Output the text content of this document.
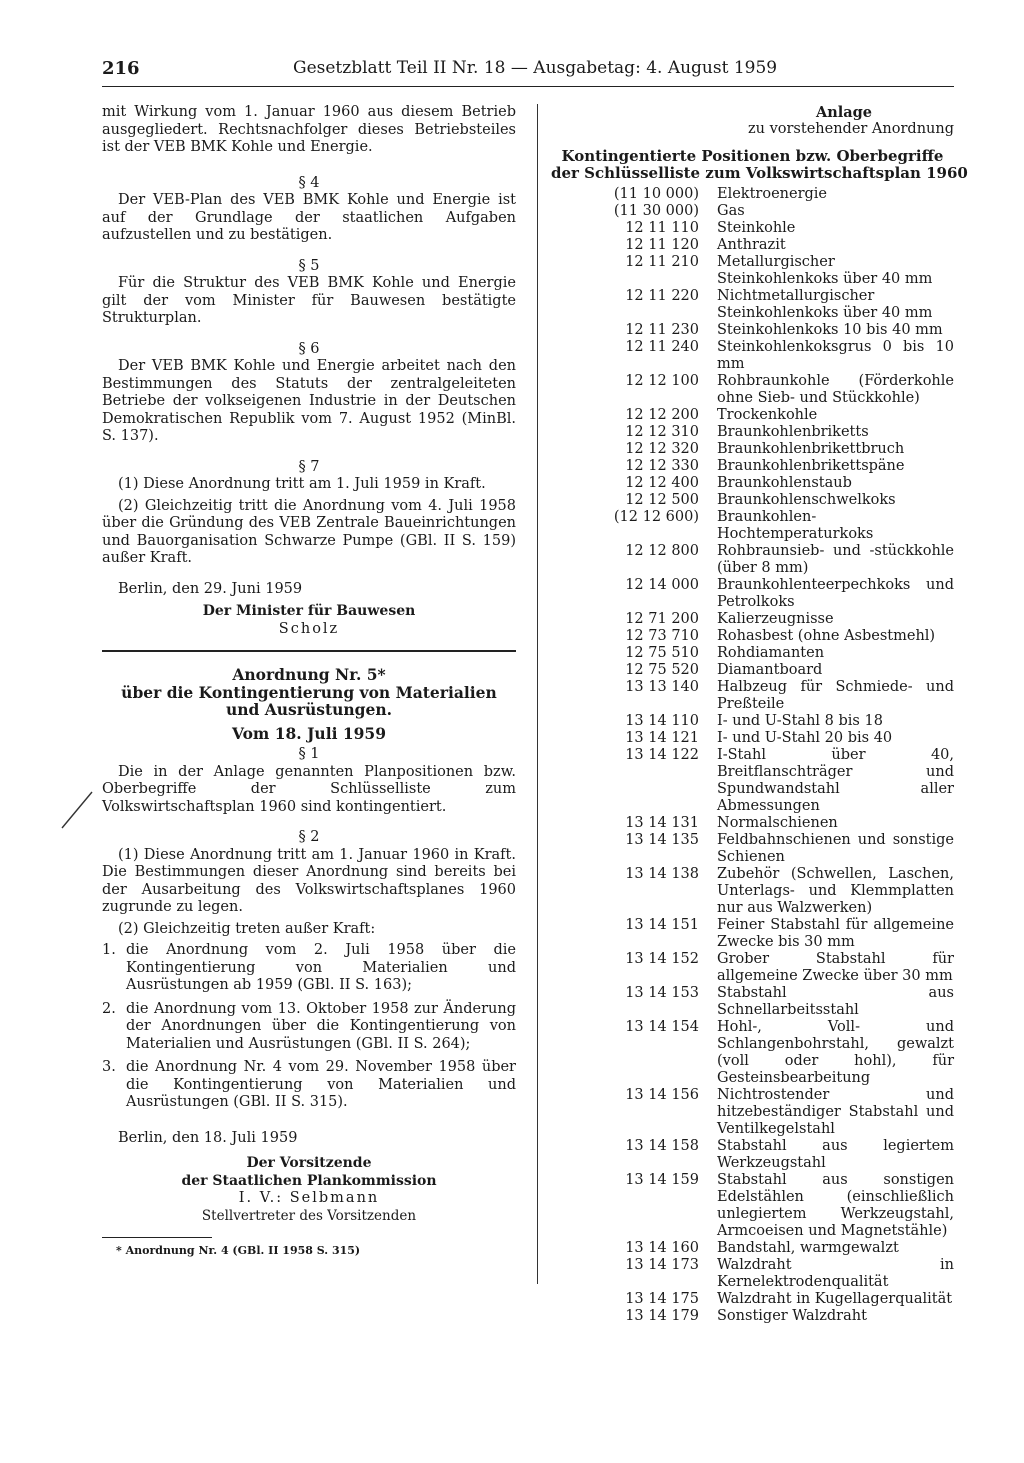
216	Gesetzblatt Teil II Nr. 18 — Ausgabetag: 4. August 1959

mit Wirkung vom 1. Januar 1960 aus diesem Betrieb ausgegliedert. Rechtsnachfolger dieses Betriebsteiles ist der VEB BMK Kohle und Energie.

§ 4

Der VEB-Plan des VEB BMK Kohle und Energie ist auf der Grundlage der staatlichen Aufgaben aufzustellen und zu bestätigen.

§ 5

Für die Struktur des VEB BMK Kohle und Energie gilt der vom Minister für Bauwesen bestätigte Strukturplan.

§ 6

Der VEB BMK Kohle und Energie arbeitet nach den Bestimmungen des Statuts der zentralgeleiteten Betriebe der volkseigenen Industrie in der Deutschen Demokratischen Republik vom 7. August 1952 (MinBl. S. 137).

§ 7

(1) Diese Anordnung tritt am 1. Juli 1959 in Kraft.

(2) Gleichzeitig tritt die Anordnung vom 4. Juli 1958 über die Gründung des VEB Zentrale Baueinrichtungen und Bauorganisation Schwarze Pumpe (GBl. II S. 159) außer Kraft.

Berlin, den 29. Juni 1959

Der Minister für Bauwesen

Scholz

Anordnung Nr. 5*

über die Kontingentierung von Materialien

und Ausrüstungen.

Vom 18. Juli 1959

§ 1

Die in der Anlage genannten Planpositionen bzw. Oberbegriffe der Schlüsselliste zum Volkswirtschaftsplan 1960 sind kontingentiert.

§ 2

(1) Diese Anordnung tritt am 1. Januar 1960 in Kraft. Die Bestimmungen dieser Anordnung sind bereits bei der Ausarbeitung des Volkswirtschaftsplanes 1960 zugrunde zu legen.

(2) Gleichzeitig treten außer Kraft:

1. die Anordnung vom 2. Juli 1958 über die Kontingentierung von Materialien und Ausrüstungen ab 1959 (GBl. II S. 163);
2. die Anordnung vom 13. Oktober 1958 zur Änderung der Anordnungen über die Kontingentierung von Materialien und Ausrüstungen (GBl. II S. 264);
3. die Anordnung Nr. 4 vom 29. November 1958 über die Kontingentierung von Materialien und Ausrüstungen (GBl. II S. 315).

Berlin, den 18. Juli 1959

Der Vorsitzende

der Staatlichen Plankommission

I. V.: Selbmann

Stellvertreter des Vorsitzenden

* Anordnung Nr. 4 (GBl. II 1958 S. 315)

Anlage

zu vorstehender Anordnung

Kontingentierte Positionen bzw. Oberbegriffe

der Schlüsselliste zum Volkswirtschaftsplan 1960

(11 10 000)		Elektroenergie
(11 30 000)		Gas
12 11 110		Steinkohle
12 11 120		Anthrazit
12 11 210		Metallurgischer Steinkohlenkoks über 40 mm
12 11 220		Nichtmetallurgischer Steinkohlenkoks über 40 mm
12 11 230		Steinkohlenkoks 10 bis 40 mm
12 11 240		Steinkohlenkoksgrus 0 bis 10 mm
12 12 100		Rohbraunkohle (Förderkohle ohne Sieb- und Stückkohle)
12 12 200		Trockenkohle
12 12 310		Braunkohlenbriketts
12 12 320		Braunkohlenbrikettbruch
12 12 330		Braunkohlenbrikettspäne
12 12 400		Braunkohlenstaub
12 12 500		Braunkohlenschwelkoks
(12 12 600)		Braunkohlen-Hochtemperaturkoks
12 12 800		Rohbraunsieb- und -stückkohle (über 8 mm)
12 14 000		Braunkohlenteerpechkoks und Petrolkoks
12 71 200		Kalierzeugnisse
12 73 710		Rohasbest (ohne Asbestmehl)
12 75 510		Rohdiamanten
12 75 520		Diamantboard
13 13 140		Halbzeug für Schmiede- und Preßteile
13 14 110		I- und U-Stahl 8 bis 18
13 14 121		I- und U-Stahl 20 bis 40
13 14 122		I-Stahl über 40, Breitflanschträger und Spundwandstahl aller Abmessungen
13 14 131		Normalschienen
13 14 135		Feldbahnschienen und sonstige Schienen
13 14 138		Zubehör (Schwellen, Laschen, Unterlags- und Klemmplatten nur aus Walzwerken)
13 14 151		Feiner Stabstahl für allgemeine Zwecke bis 30 mm
13 14 152		Grober Stabstahl für allgemeine Zwecke über 30 mm
13 14 153		Stabstahl aus Schnellarbeitsstahl
13 14 154		Hohl-, Voll- und Schlangenbohrstahl, gewalzt (voll oder hohl), für Gesteinsbearbeitung
13 14 156		Nichtrostender und hitzebeständiger Stabstahl und Ventilkegelstahl
13 14 158		Stabstahl aus legiertem Werkzeugstahl
13 14 159		Stabstahl aus sonstigen Edelstählen (einschließlich unlegiertem Werkzeugstahl, Armcoeisen und Magnetstähle)
13 14 160		Bandstahl, warmgewalzt
13 14 173		Walzdraht in Kernelektrodenqualität
13 14 175		Walzdraht in Kugellagerqualität
13 14 179		Sonstiger Walzdraht
